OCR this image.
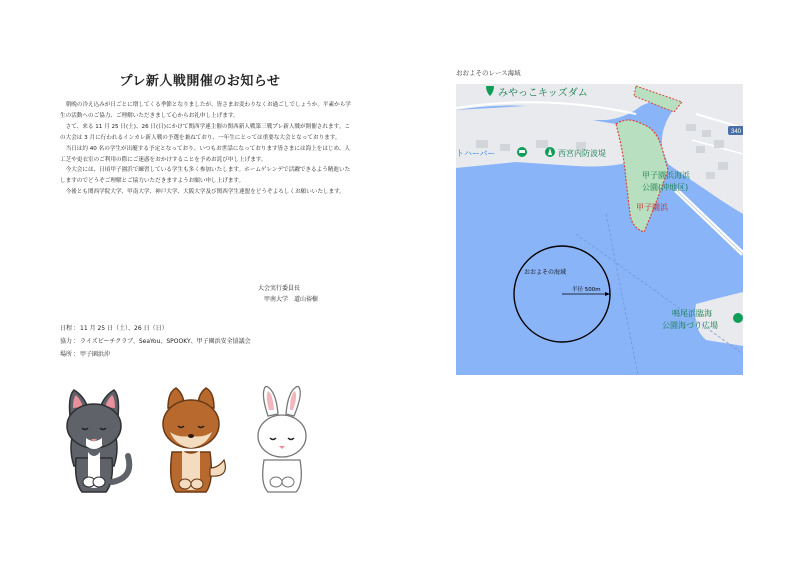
プレ新人戦開催のお知らせ

朝晩の冷え込みが日ごとに増してくる季節となりましたが、皆さまお変わりなくお過ごしでしょうか。平素から学生の活動へのご協力、ご理解いただきまして心からお礼申し上げます。

さて、来る 11 月 25 日(土)、26 日(日)にかけて関西学連主催の関西新人戦第三戦プレ新人戦が開催されます。この大会は 3 月に行われるインカレ新人戦の予選を兼ねており、一年生にとっては重要な大会となっております。

当日は約 40 名の学生が出艇する予定となっており、いつもお世話になっております皆さまには海上をはじめ、人工芝や更衣室のご利用の際にご迷惑をおかけすることを予めお詫び申し上げます。

今大会には、日頃甲子園浜で練習している学生も多く参加いたします。ホームゲレンデで活躍できるよう精進いたしますのでどうぞご理解とご協力いただきますようお願い申し上げます。

今後とも関西学院大学、甲南大学、神戸大学、大阪大学及び関西学生連盟をどうぞよろしくお願いいたします。

大会実行委員長
甲南大学　道山裕樹
日程：11 月 25 日（土）、26 日（日）
協力：ライズビーチクラブ、SeaYou、SPOOKY、甲子園浜安全協議会
場所：甲子園浜沖
おおよそのレース海域
340
みやっこキッズダム
トハーバー	西宮内防波堤
甲子園浜海浜
公園(沖地区)
甲子園浜
鳴尾浜臨海
公園海づり広場
おおよその海域
半径 500m
